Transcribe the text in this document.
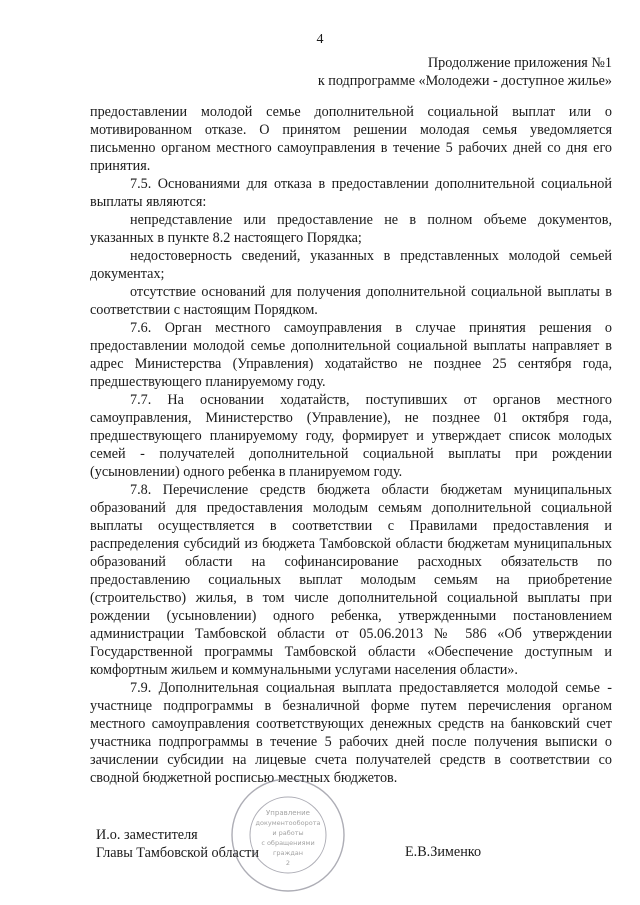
4
Продолжение приложения №1
к подпрограмме «Молодежи - доступное жилье»

предоставлении молодой семье дополнительной социальной выплат или о мотивированном отказе. О принятом решении молодая семья уведомляется письменно органом местного самоуправления в течение 5 рабочих дней со дня его принятия.

7.5. Основаниями для отказа в предоставлении дополнительной социальной выплаты являются:

непредставление или предоставление не в полном объеме документов, указанных в пункте 8.2 настоящего Порядка;

недостоверность сведений, указанных в представленных молодой семьей документах;

отсутствие оснований для получения дополнительной социальной выплаты в соответствии с настоящим Порядком.

7.6. Орган местного самоуправления в случае принятия решения о предоставлении молодой семье дополнительной социальной выплаты направляет в адрес Министерства (Управления) ходатайство не позднее 25 сентября года, предшествующего планируемому году.

7.7. На основании ходатайств, поступивших от органов местного самоуправления, Министерство (Управление), не позднее 01 октября года, предшествующего планируемому году, формирует и утверждает список молодых семей - получателей дополнительной социальной выплаты при рождении (усыновлении) одного ребенка в планируемом году.

7.8. Перечисление средств бюджета области бюджетам муниципальных образований для предоставления молодым семьям дополнительной социальной выплаты осуществляется в соответствии с Правилами предоставления и распределения субсидий из бюджета Тамбовской области бюджетам муниципальных образований области на софинансирование расходных обязательств по предоставлению социальных выплат молодым семьям на приобретение (строительство) жилья, в том числе дополнительной социальной выплаты при рождении (усыновлении) одного ребенка, утвержденными постановлением администрации Тамбовской области от 05.06.2013 № 586 «Об утверждении Государственной программы Тамбовской области «Обеспечение доступным и комфортным жильем и коммунальными услугами населения области».

7.9. Дополнительная социальная выплата предоставляется молодой семье - участнице подпрограммы в безналичной форме путем перечисления органом местного самоуправления соответствующих денежных средств на банковский счет участника подпрограммы в течение 5 рабочих дней после получения выписки о зачислении субсидии на лицевые счета получателей средств в соответствии со сводной бюджетной росписью местных бюджетов.

И.о. заместителя
Главы Тамбовской области	Е.В.Зименко
Управление
документооборота
и работы
с обращениями
граждан
2
